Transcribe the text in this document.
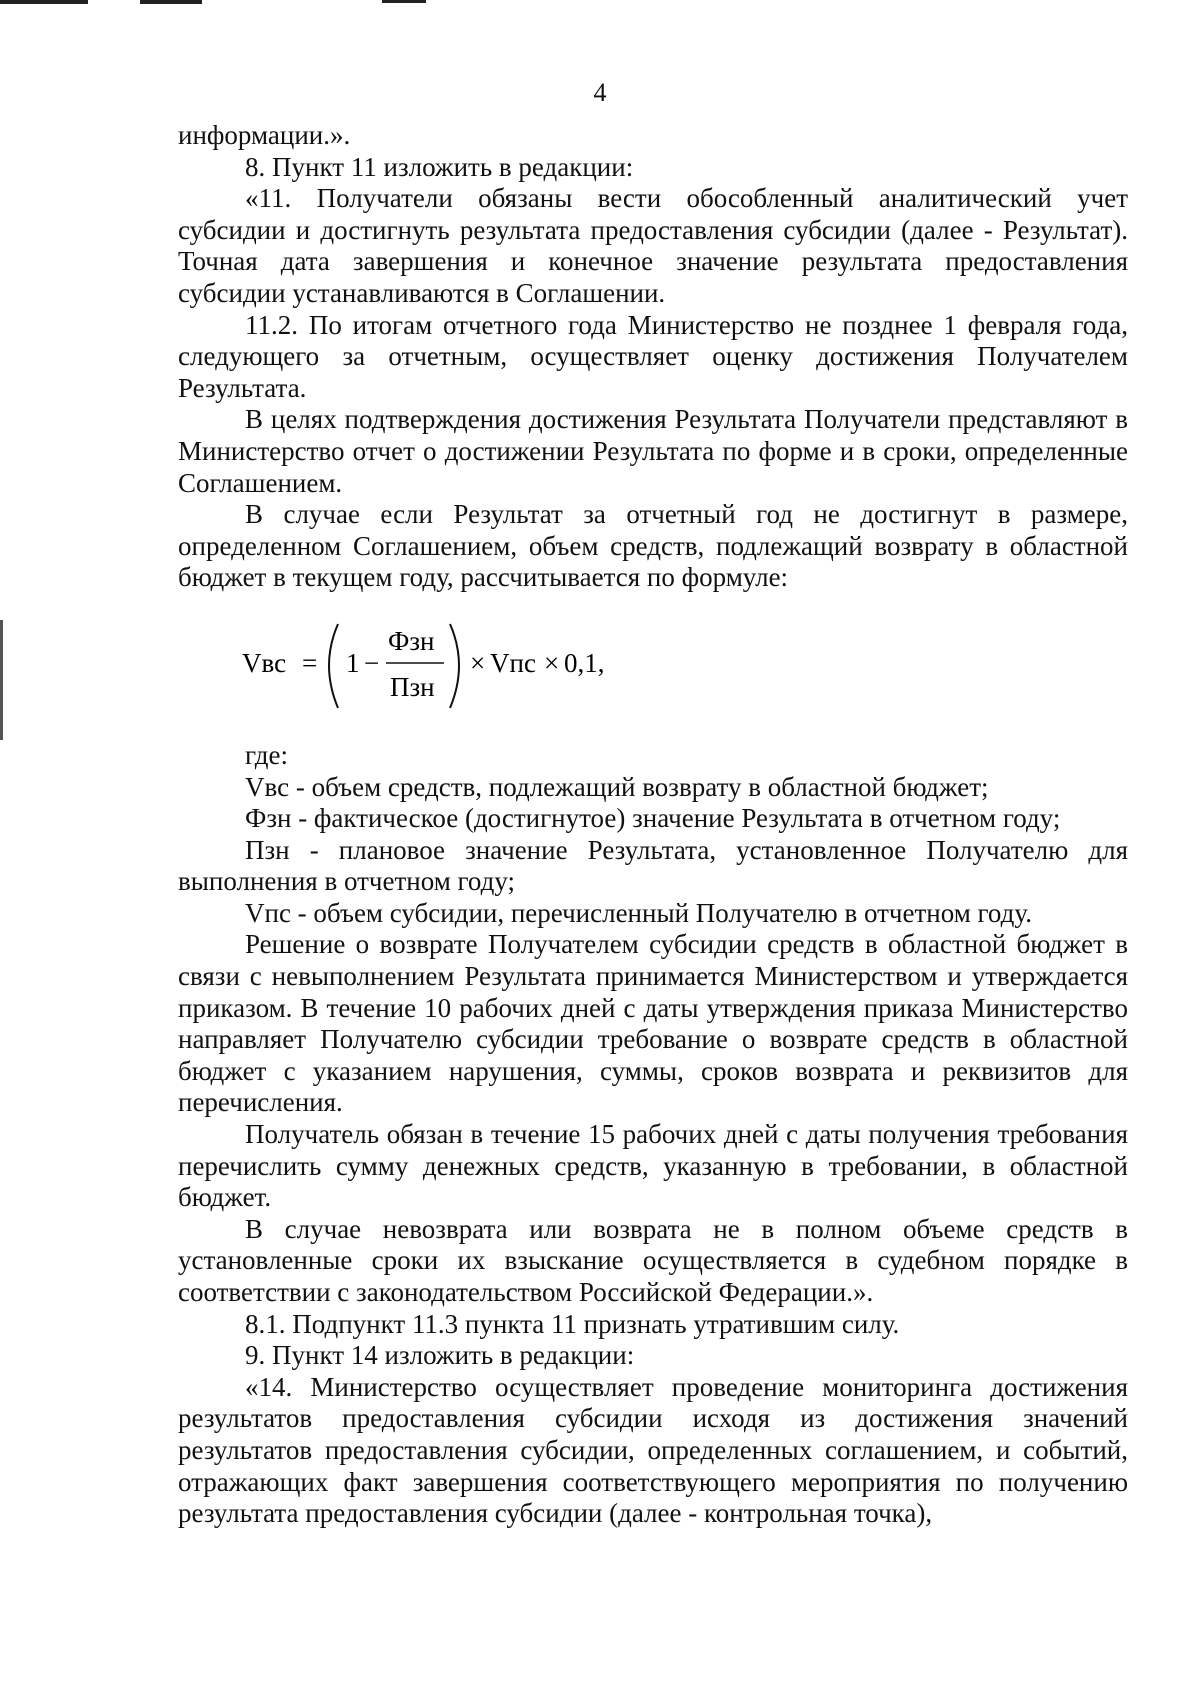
4

информации.».

8. Пункт 11 изложить в редакции:

«11. Получатели обязаны вести обособленный аналитический учет субсидии и достигнуть результата предоставления субсидии (далее - Результат). Точная дата завершения и конечное значение результата предоставления субсидии устанавливаются в Соглашении.

11.2. По итогам отчетного года Министерство не позднее 1 февраля года, следующего за отчетным, осуществляет оценку достижения Получателем Результата.

В целях подтверждения достижения Результата Получатели представляют в Министерство отчет о достижении Результата по форме и в сроки, определенные Соглашением.

В случае если Результат за отчетный год не достигнут в размере, определенном Соглашением, объем средств, подлежащий возврату в областной бюджет в текущем году, рассчитывается по формуле:

Vвс = 1 −
Фзн
Пзн
× Vпс × 0,1,

где:

Vвс - объем средств, подлежащий возврату в областной бюджет;

Фзн - фактическое (достигнутое) значение Результата в отчетном году;

Пзн - плановое значение Результата, установленное Получателю для выполнения в отчетном году;

Vпс - объем субсидии, перечисленный Получателю в отчетном году.

Решение о возврате Получателем субсидии средств в областной бюджет в связи с невыполнением Результата принимается Министерством и утверждается приказом. В течение 10 рабочих дней с даты утверждения приказа Министерство направляет Получателю субсидии требование о возврате средств в областной бюджет с указанием нарушения, суммы, сроков возврата и реквизитов для перечисления.

Получатель обязан в течение 15 рабочих дней с даты получения требования перечислить сумму денежных средств, указанную в требовании, в областной бюджет.

В случае невозврата или возврата не в полном объеме средств в установленные сроки их взыскание осуществляется в судебном порядке в соответствии с законодательством Российской Федерации.».

8.1. Подпункт 11.3 пункта 11 признать утратившим силу.

9. Пункт 14 изложить в редакции:

«14. Министерство осуществляет проведение мониторинга достижения результатов предоставления субсидии исходя из достижения значений результатов предоставления субсидии, определенных соглашением, и событий, отражающих факт завершения соответствующего мероприятия по получению результата предоставления субсидии (далее - контрольная точка),
